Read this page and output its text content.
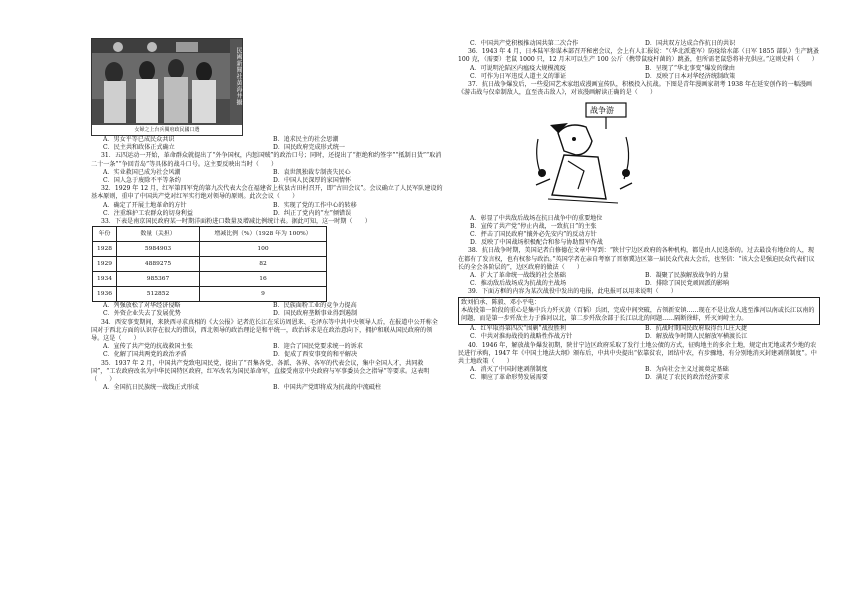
民國新聞社黃海井攝
女婦之上台兵閱府政民國口選
A．男女平等已成民众共识	B．追求民主的社会思潮
C．民主共和政体正式确立	D．国民政府完成形式统一

31．五四运动一开始，革命群众就提出了“外争国权，内惩国贼”的政治口号；同时，还提出了“拒绝和约签字”“抵制日货”“取消二十一条”“争回青岛”等具体的战斗口号。这主要反映出当时（　　）

A．实业救国已成为社会风潮	B．袁世凯独裁专制丧失民心
C．国人急于废除不平等条约	D．中国人民深厚的家国情怀

32．1929 年 12 月，红军第四军党的第九次代表大会在福建省上杭县古田村召开，即“古田会议”。会议确立了人民军队建设的基本原则，重申了中国共产党对红军实行绝对领导的原则。此次会议（　　）

A．确定了开展土地革命的方针	B．实现了党的工作中心的转移
C．注重维护工农群众的切身利益	D．纠正了党内的“左”倾错误

33．下表是南京国民政府某一时期洋面粉进口数量及增减比例统计表。据此可知，这一时期（　　）

年份	数量（关担）	增减比例（%）（1928 年为 100%）
1928	5984903	100
1929	4889275	82
1934	985367	16
1936	512852	9
A．列强放松了对华经济侵略	B．民族面粉工业的竞争力提高
C．外资企业失去了发展优势	D．国民政府垄断事业得到遏制

34．西安事变期间，来陕西寻求真相的《大公报》记者范长江在采访周恩来、毛泽东等中共中央领导人后，在报道中公开称全国对于西北方面的认识存在很大的错误，西北领导的政治理论是和平统一，政治诉求是在政治意向下，拥护和联从国民政府的领导。这是（　　）

A．宣传了共产党的抗战救国主张	B．迎合了国民党要求统一的诉求
C．化解了国共两党的政治矛盾	D．促成了西安事变的和平解决

35．1937 年 2 月，中国共产党致电国民党，提出了“召集各党、各派、各界、各军的代表会议，集中全国人才，共同救国”，“工农政府改名为中华民国特区政府，红军改名为国民革命军，直接受南京中央政府与军事委员会之指导”等要求。这表明（　　）

A．全国抗日民族统一战线正式形成	B．中国共产党即将成为抗战的中流砥柱
C．中国共产党积极推动国共第二次合作	D．国共双方达成合作抗日的共识

36．1943 年 4 月，日本陆军参谋本部召开秘密会议，会上有人汇报说：“（华北派遣军）防疫给水部（日军 1855 部队）生产跳蚤 100 克，（需要）老鼠 1000 只，12 月末可以生产 100 公斤（携带鼠疫杆菌的）跳蚤，但所需老鼠恐将补充供应。”这则史料（　　）

A．可说明沦陷区内瘟疫大规模流疫	B．呈现了“华北事变”爆发的缘由
C．可作为日军违反人道主义的罪证	D．反映了日本对华经济统制政策

37．抗日战争爆发后，一些爱国艺术家组成漫画宣传队，积极投入抗战。下图是青年漫画家胡考 1938 年在延安创作的一幅漫画《游击战与仅牵制敌人，直至丧击敌人》，对该漫画解读正确的是（　　）

战争游
A．彰显了中共敌后战场在抗日战争中的重要地位
B．宣传了共产党“停止内战，一致抗日”的主张
C．抨击了国民政府“攘外必先安内”的反动方针
D．反映了中国战场积极配合和参与协助盟军作战

38．抗日战争时期，美国记者白修德在文章中写到：“陕甘宁边区政府的各种机构，都是由人民选举的。过去最没有地位的人，现在都有了发言权，也有权参与政治。”英国学者在亲自考察了晋察冀边区第一届民众代表大会后，也坚信：“该大会是强迫民众代表们议长的全会各阶层的”，边区政府的做法（　　）

A．扩大了革命统一战线的社会基础	B．凝聚了民族解放战争的力量
C．推动敌后战场成为抗战的主战场	D．排除了国民党顽固派的影响

39．下面方框的内容为某次战役中发出的电报，此电报可以用来说明（　　）

致刘伯承、陈毅、邓小平电：
本战役第一阶段的重心是集中兵力歼灭黄（百韬）兵团，完成中间突破，占领新安镇……现在不是让敌人逃至淮河以南或长江以南的问题，而是第一步歼敌主力于淮河以北，第二步歼敌余部于长江以北的问题……隔断徐蚌，歼灭刘峙主力。

A．红军取得第四次“围剿”战役胜利	B．抗战时期国民政府取得台儿庄大捷
C．中共对淮海战役的战略性作战方针	D．解放战争时期人民解放军横渡长江

40．1946 年，解放战争爆发初期，陕甘宁边区政府采取了发行土地公债的方式，征购地主的多余土地，规定由无地或者少地的农民进行承购，1947 年《中国土地法大纲》颁布后，中共中央提出“依靠贫农，团结中农，有步骤地、有分别地消灭封建剥削制度”。中共土地政策（　　）

A．消灭了中国封建剥削制度	B．为向社会主义过渡奠定基础
C．顺应了革命形势发展需要	D．满足了农民的政治经济要求
